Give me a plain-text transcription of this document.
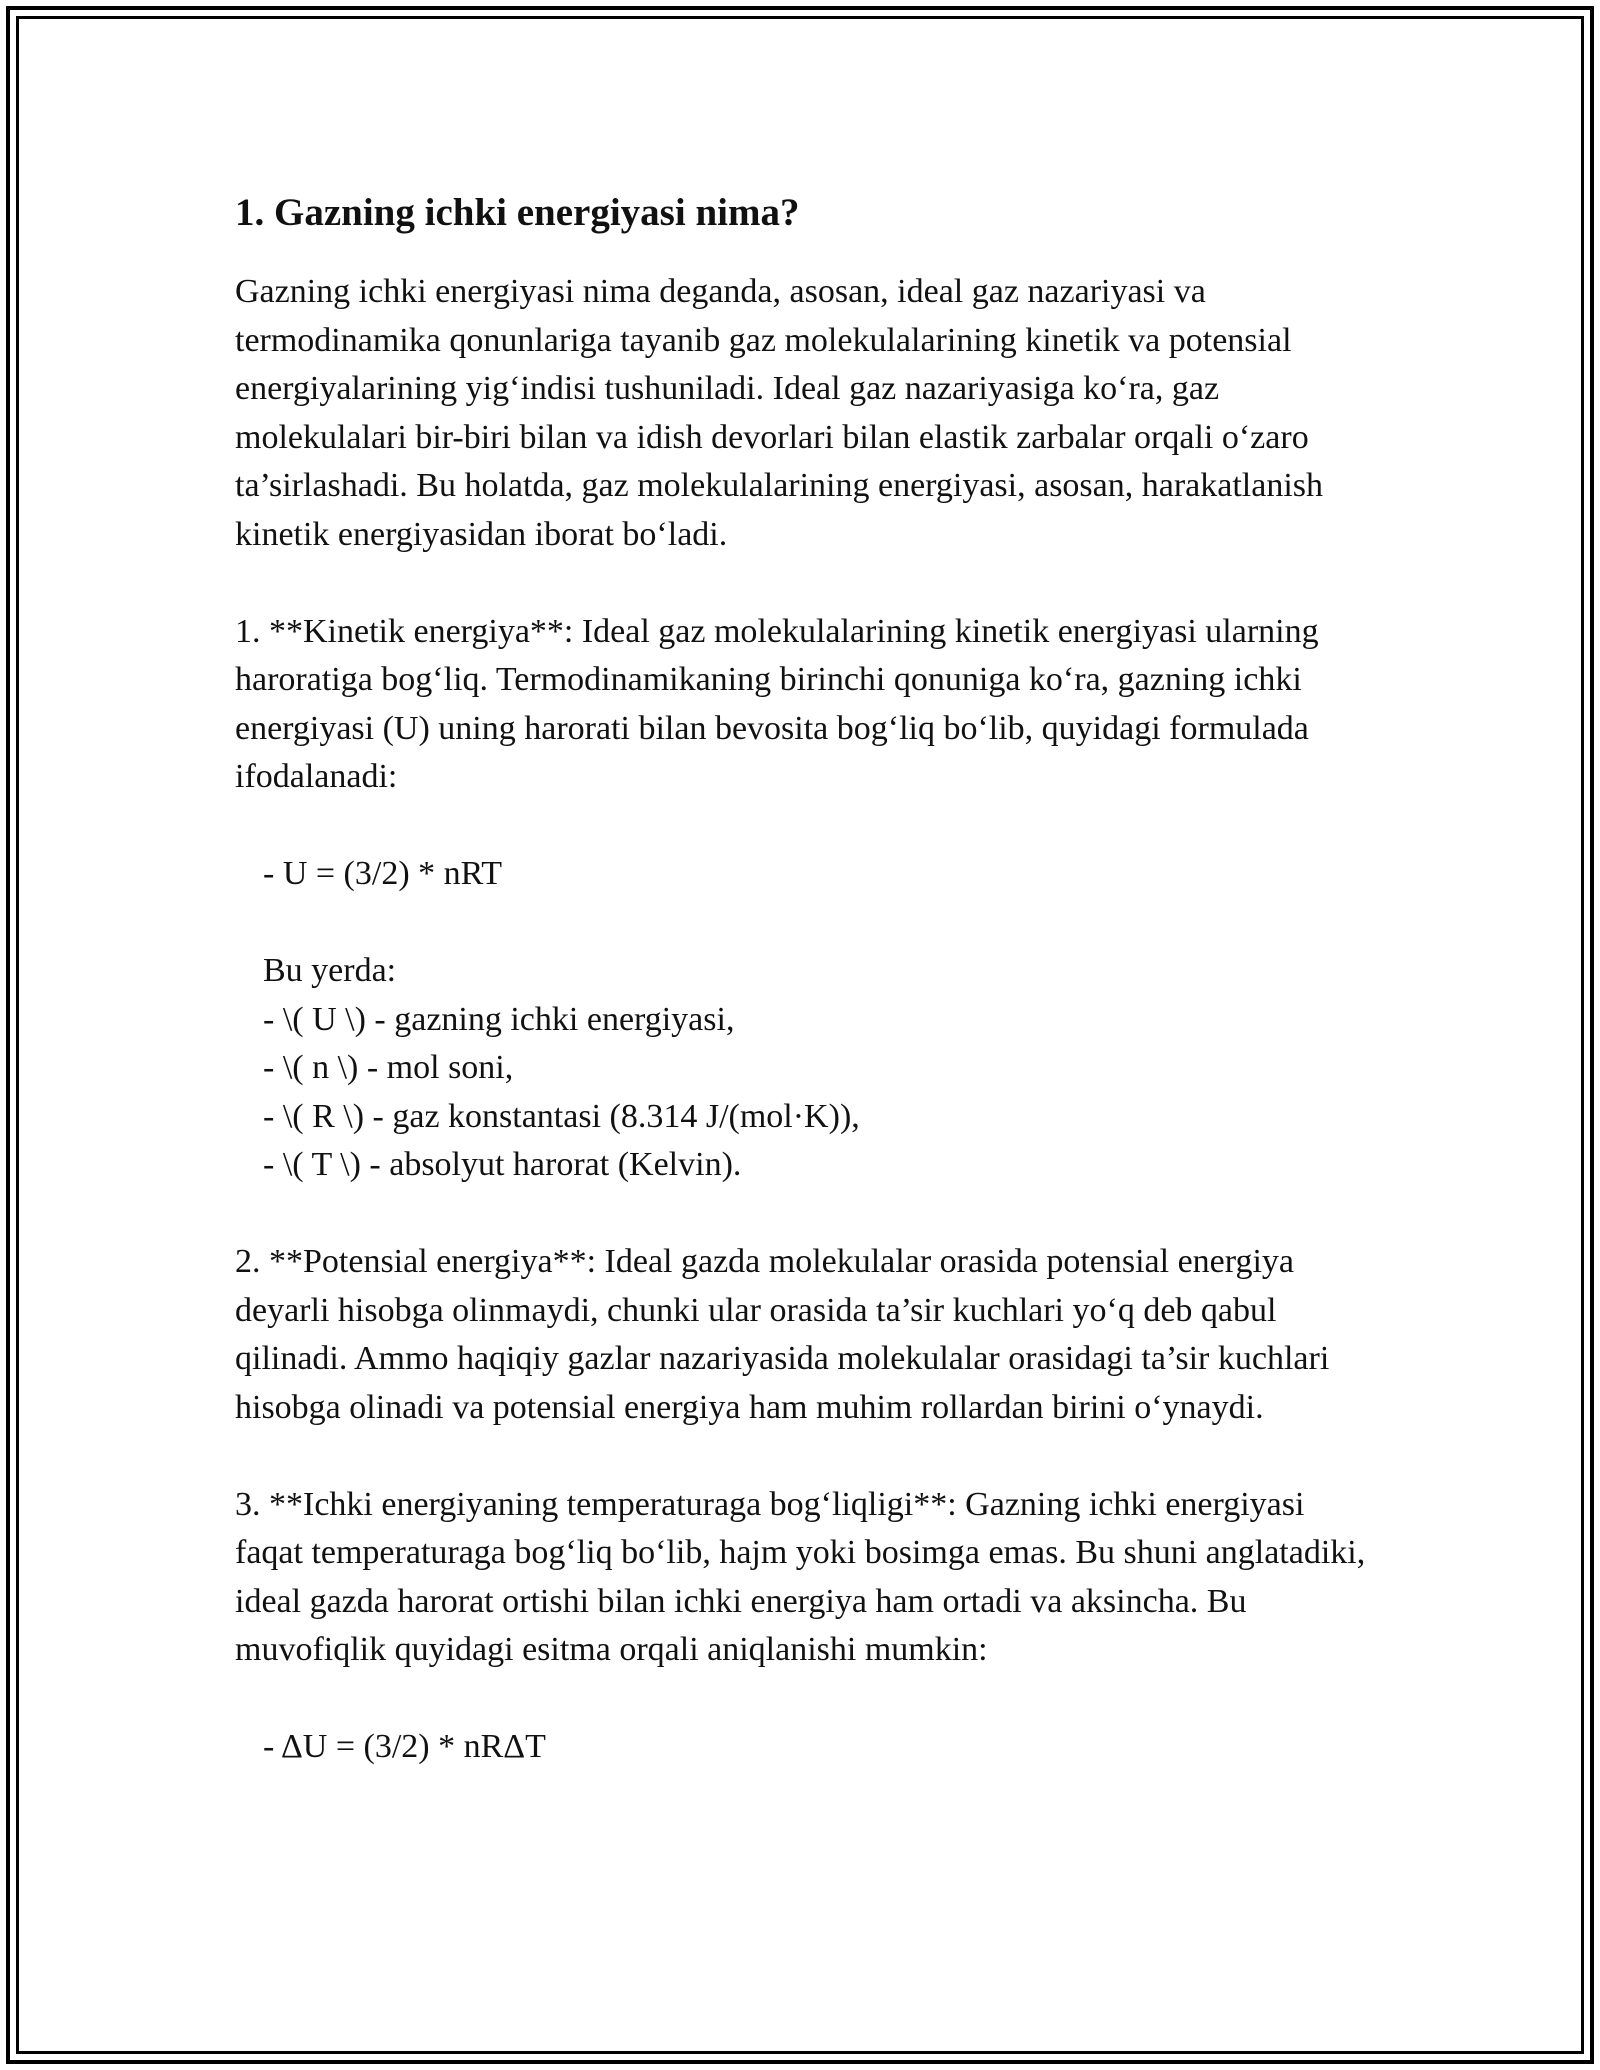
1. Gazning ichki energiyasi nima?

Gazning ichki energiyasi nima deganda, asosan, ideal gaz nazariyasi va termodinamika qonunlariga tayanib gaz molekulalarining kinetik va potensial energiyalarining yig‘indisi tushuniladi. Ideal gaz nazariyasiga ko‘ra, gaz molekulalari bir-biri bilan va idish devorlari bilan elastik zarbalar orqali o‘zaro ta’sirlashadi. Bu holatda, gaz molekulalarining energiyasi, asosan, harakatlanish kinetik energiyasidan iborat bo‘ladi.

1. **Kinetik energiya**: Ideal gaz molekulalarining kinetik energiyasi ularning haroratiga bog‘liq. Termodinamikaning birinchi qonuniga ko‘ra, gazning ichki energiyasi (U) uning harorati bilan bevosita bog‘liq bo‘lib, quyidagi formulada ifodalanadi:

- U = (3/2) * nRT

Bu yerda:

- \( U \) - gazning ichki energiyasi,

- \( n \) - mol soni,

- \( R \) - gaz konstantasi (8.314 J/(mol·K)),

- \( T \) - absolyut harorat (Kelvin).

2. **Potensial energiya**: Ideal gazda molekulalar orasida potensial energiya deyarli hisobga olinmaydi, chunki ular orasida ta’sir kuchlari yo‘q deb qabul qilinadi. Ammo haqiqiy gazlar nazariyasida molekulalar orasidagi ta’sir kuchlari hisobga olinadi va potensial energiya ham muhim rollardan birini o‘ynaydi.

3. **Ichki energiyaning temperaturaga bog‘liqligi**: Gazning ichki energiyasi faqat temperaturaga bog‘liq bo‘lib, hajm yoki bosimga emas. Bu shuni anglatadiki, ideal gazda harorat ortishi bilan ichki energiya ham ortadi va aksincha. Bu muvofiqlik quyidagi esitma orqali aniqlanishi mumkin:

- ΔU = (3/2) * nRΔT
